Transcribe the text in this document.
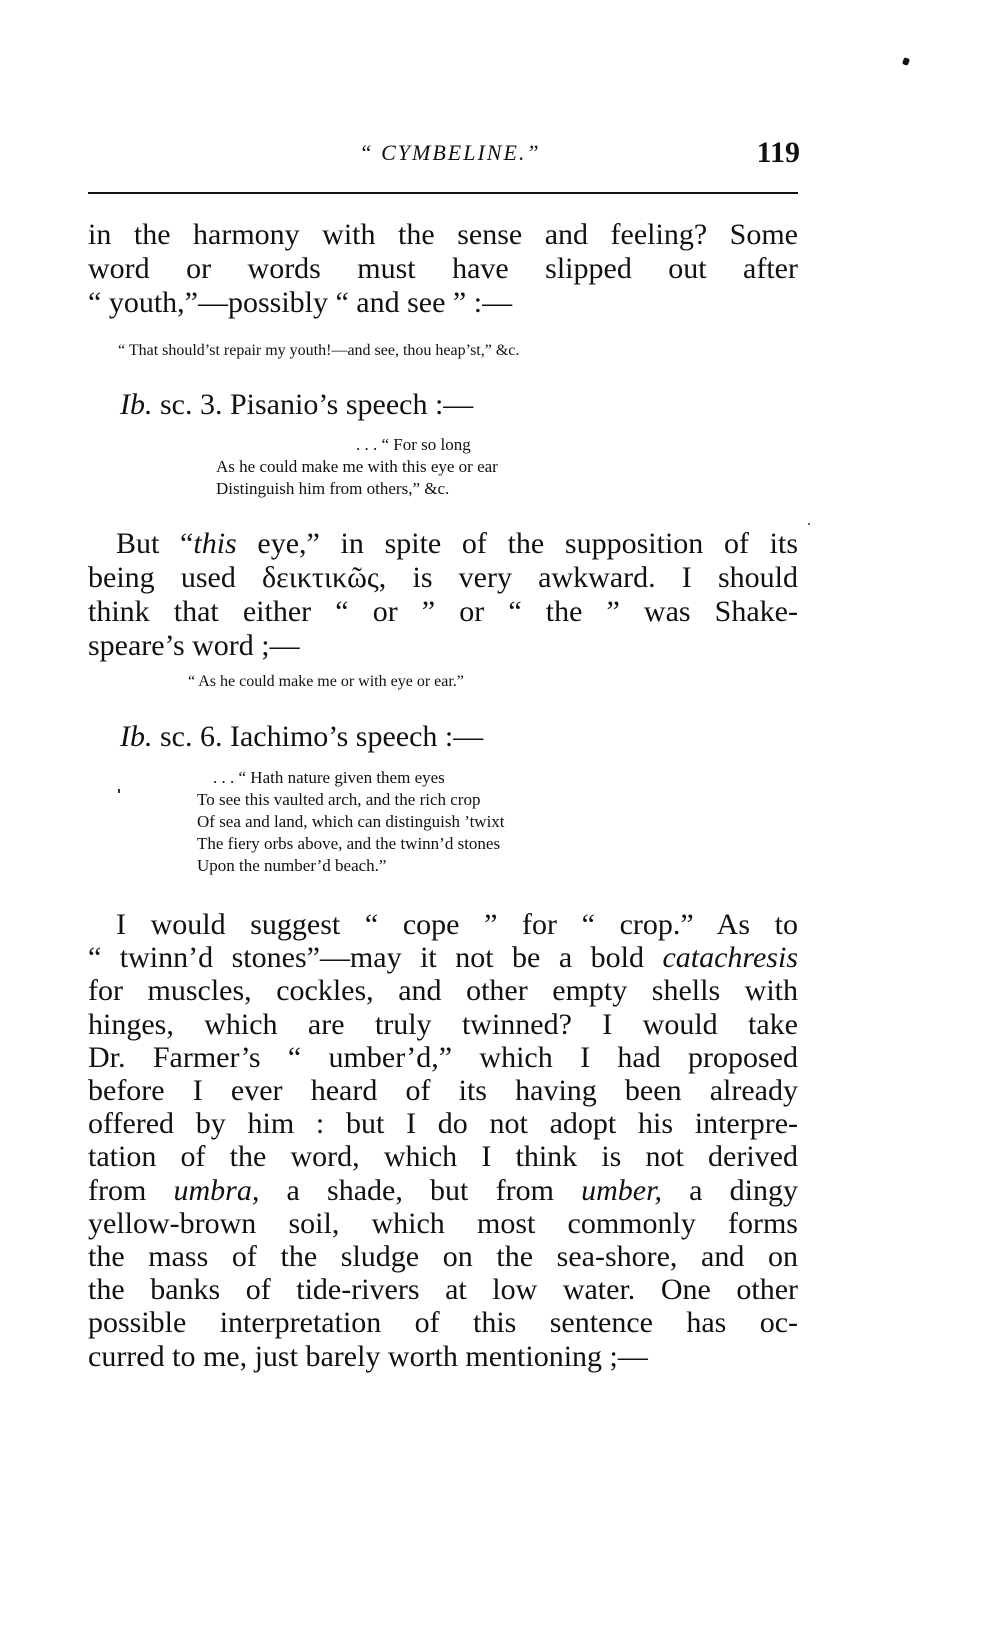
“ CYMBELINE.”	119

in the harmony with the sense and feeling? Some
word or words must have slipped out after
“ youth,”—possibly “ and see ” :—

“ That should’st repair my youth!—and see, thou heap’st,” &c.
Ib. sc. 3. Pisanio’s speech :—
. . . “ For so long
As he could make me with this eye or ear
Distinguish him from others,” &c.

But “this eye,” in spite of the supposition of its
being used δεικτικῶς, is very awkward. I should
think that either “ or ” or “ the ” was Shake-
speare’s word ;—

“ As he could make me or with eye or ear.”
Ib. sc. 6. Iachimo’s speech :—
. . . “ Hath nature given them eyes
To see this vaulted arch, and the rich crop
Of sea and land, which can distinguish ’twixt
The fiery orbs above, and the twinn’d stones
Upon the number’d beach.”

I would suggest “ cope ” for “ crop.” As to
“ twinn’d stones”—may it not be a bold catachresis
for muscles, cockles, and other empty shells with
hinges, which are truly twinned? I would take
Dr. Farmer’s “ umber’d,” which I had proposed
before I ever heard of its having been already
offered by him : but I do not adopt his interpre-
tation of the word, which I think is not derived
from umbra, a shade, but from umber, a dingy
yellow-brown soil, which most commonly forms
the mass of the sludge on the sea-shore, and on
the banks of tide-rivers at low water. One other
possible interpretation of this sentence has oc-
curred to me, just barely worth mentioning ;—
